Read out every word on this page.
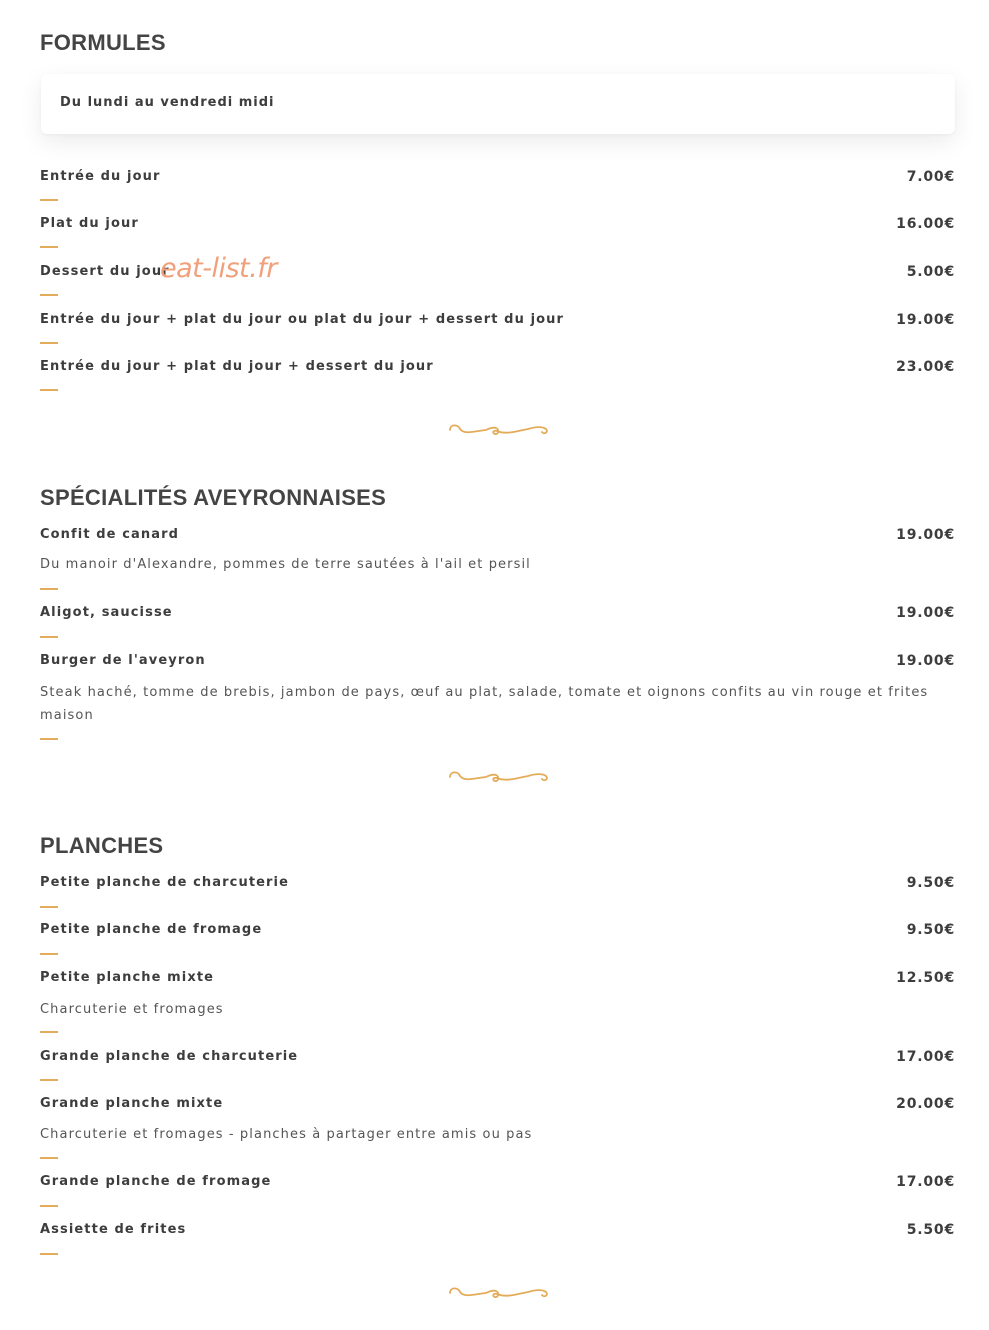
FORMULES
Du lundi au vendredi midi
Entrée du jour	7.00€
Plat du jour	16.00€
Dessert du jour	5.00€
Entrée du jour + plat du jour ou plat du jour + dessert du jour	19.00€
Entrée du jour + plat du jour + dessert du jour	23.00€
SPÉCIALITÉS AVEYRONNAISES
Confit de canard	19.00€
Du manoir d'Alexandre, pommes de terre sautées à l'ail et persil
Aligot, saucisse	19.00€
Burger de l'aveyron	19.00€
Steak haché, tomme de brebis, jambon de pays, œuf au plat, salade, tomate et oignons confits au vin rouge et frites maison
PLANCHES
Petite planche de charcuterie	9.50€
Petite planche de fromage	9.50€
Petite planche mixte	12.50€
Charcuterie et fromages
Grande planche de charcuterie	17.00€
Grande planche mixte	20.00€
Charcuterie et fromages - planches à partager entre amis ou pas
Grande planche de fromage	17.00€
Assiette de frites	5.50€
eat-list.fr
